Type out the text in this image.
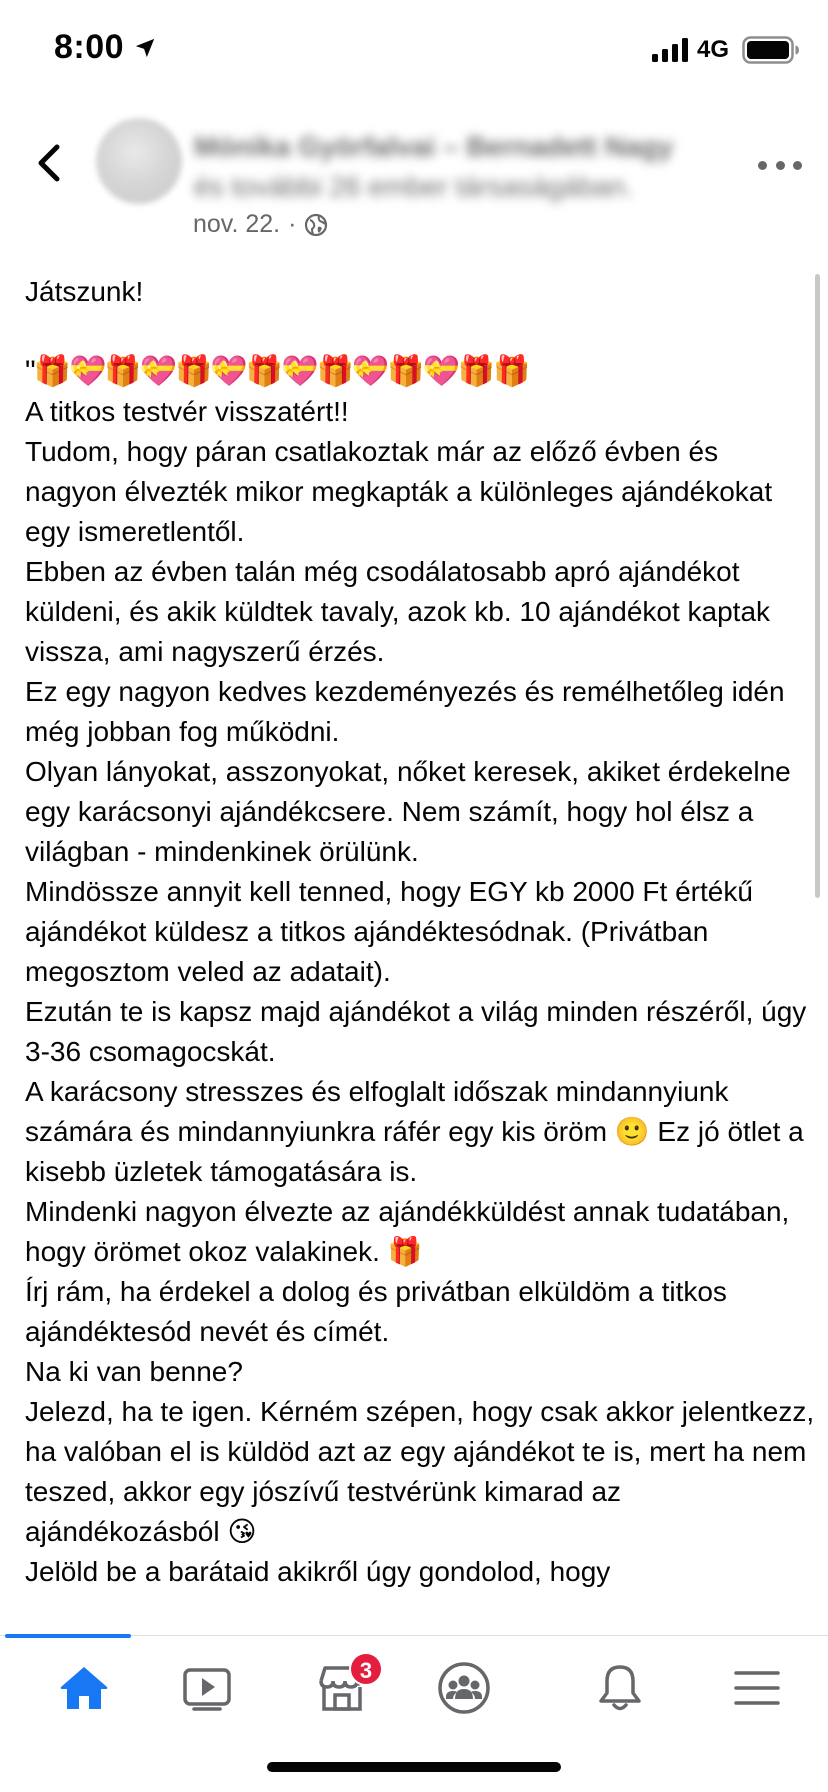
8:00	4G
Mónika Györfalvai – Bernadett Nagy
és további 26 ember társaságában.
nov. 22. ·

Játszunk!

"🎁💝🎁💝🎁💝🎁💝🎁💝🎁💝🎁🎁

A titkos testvér visszatért!!
Tudom, hogy páran csatlakoztak már az előző évben és nagyon élvezték mikor megkapták a különleges ajándékokat egy ismeretlentől.
Ebben az évben talán még csodálatosabb apró ajándékot küldeni, és akik küldtek tavaly, azok kb. 10 ajándékot kaptak vissza, ami nagyszerű érzés.
Ez egy nagyon kedves kezdeményezés és remélhetőleg idén még jobban fog működni.
Olyan lányokat, asszonyokat, nőket keresek, akiket érdekelne egy karácsonyi ajándékcsere. Nem számít, hogy hol élsz a világban - mindenkinek örülünk.
Mindössze annyit kell tenned, hogy EGY kb 2000 Ft értékű ajándékot küldesz a titkos ajándéktesódnak. (Privátban megosztom veled az adatait).
Ezután te is kapsz majd ajándékot a világ minden részéről, úgy 3-36 csomagocskát.
A karácsony stresszes és elfoglalt időszak mindannyiunk számára és mindannyiunkra ráfér egy kis öröm 🙂 Ez jó ötlet a kisebb üzletek támogatására is.
Mindenki nagyon élvezte az ajándékküldést annak tudatában, hogy örömet okoz valakinek. 🎁
Írj rám, ha érdekel a dolog és privátban elküldöm a titkos ajándéktesód nevét és címét.
Na ki van benne?
Jelezd, ha te igen. Kérném szépen, hogy csak akkor jelentkezz, ha valóban el is küldöd azt az egy ajándékot te is, mert ha nem teszed, akkor egy jószívű testvérünk kimarad az ajándékozásból 😘
Jelöld be a barátaid akikről úgy gondolod, hogy

3
